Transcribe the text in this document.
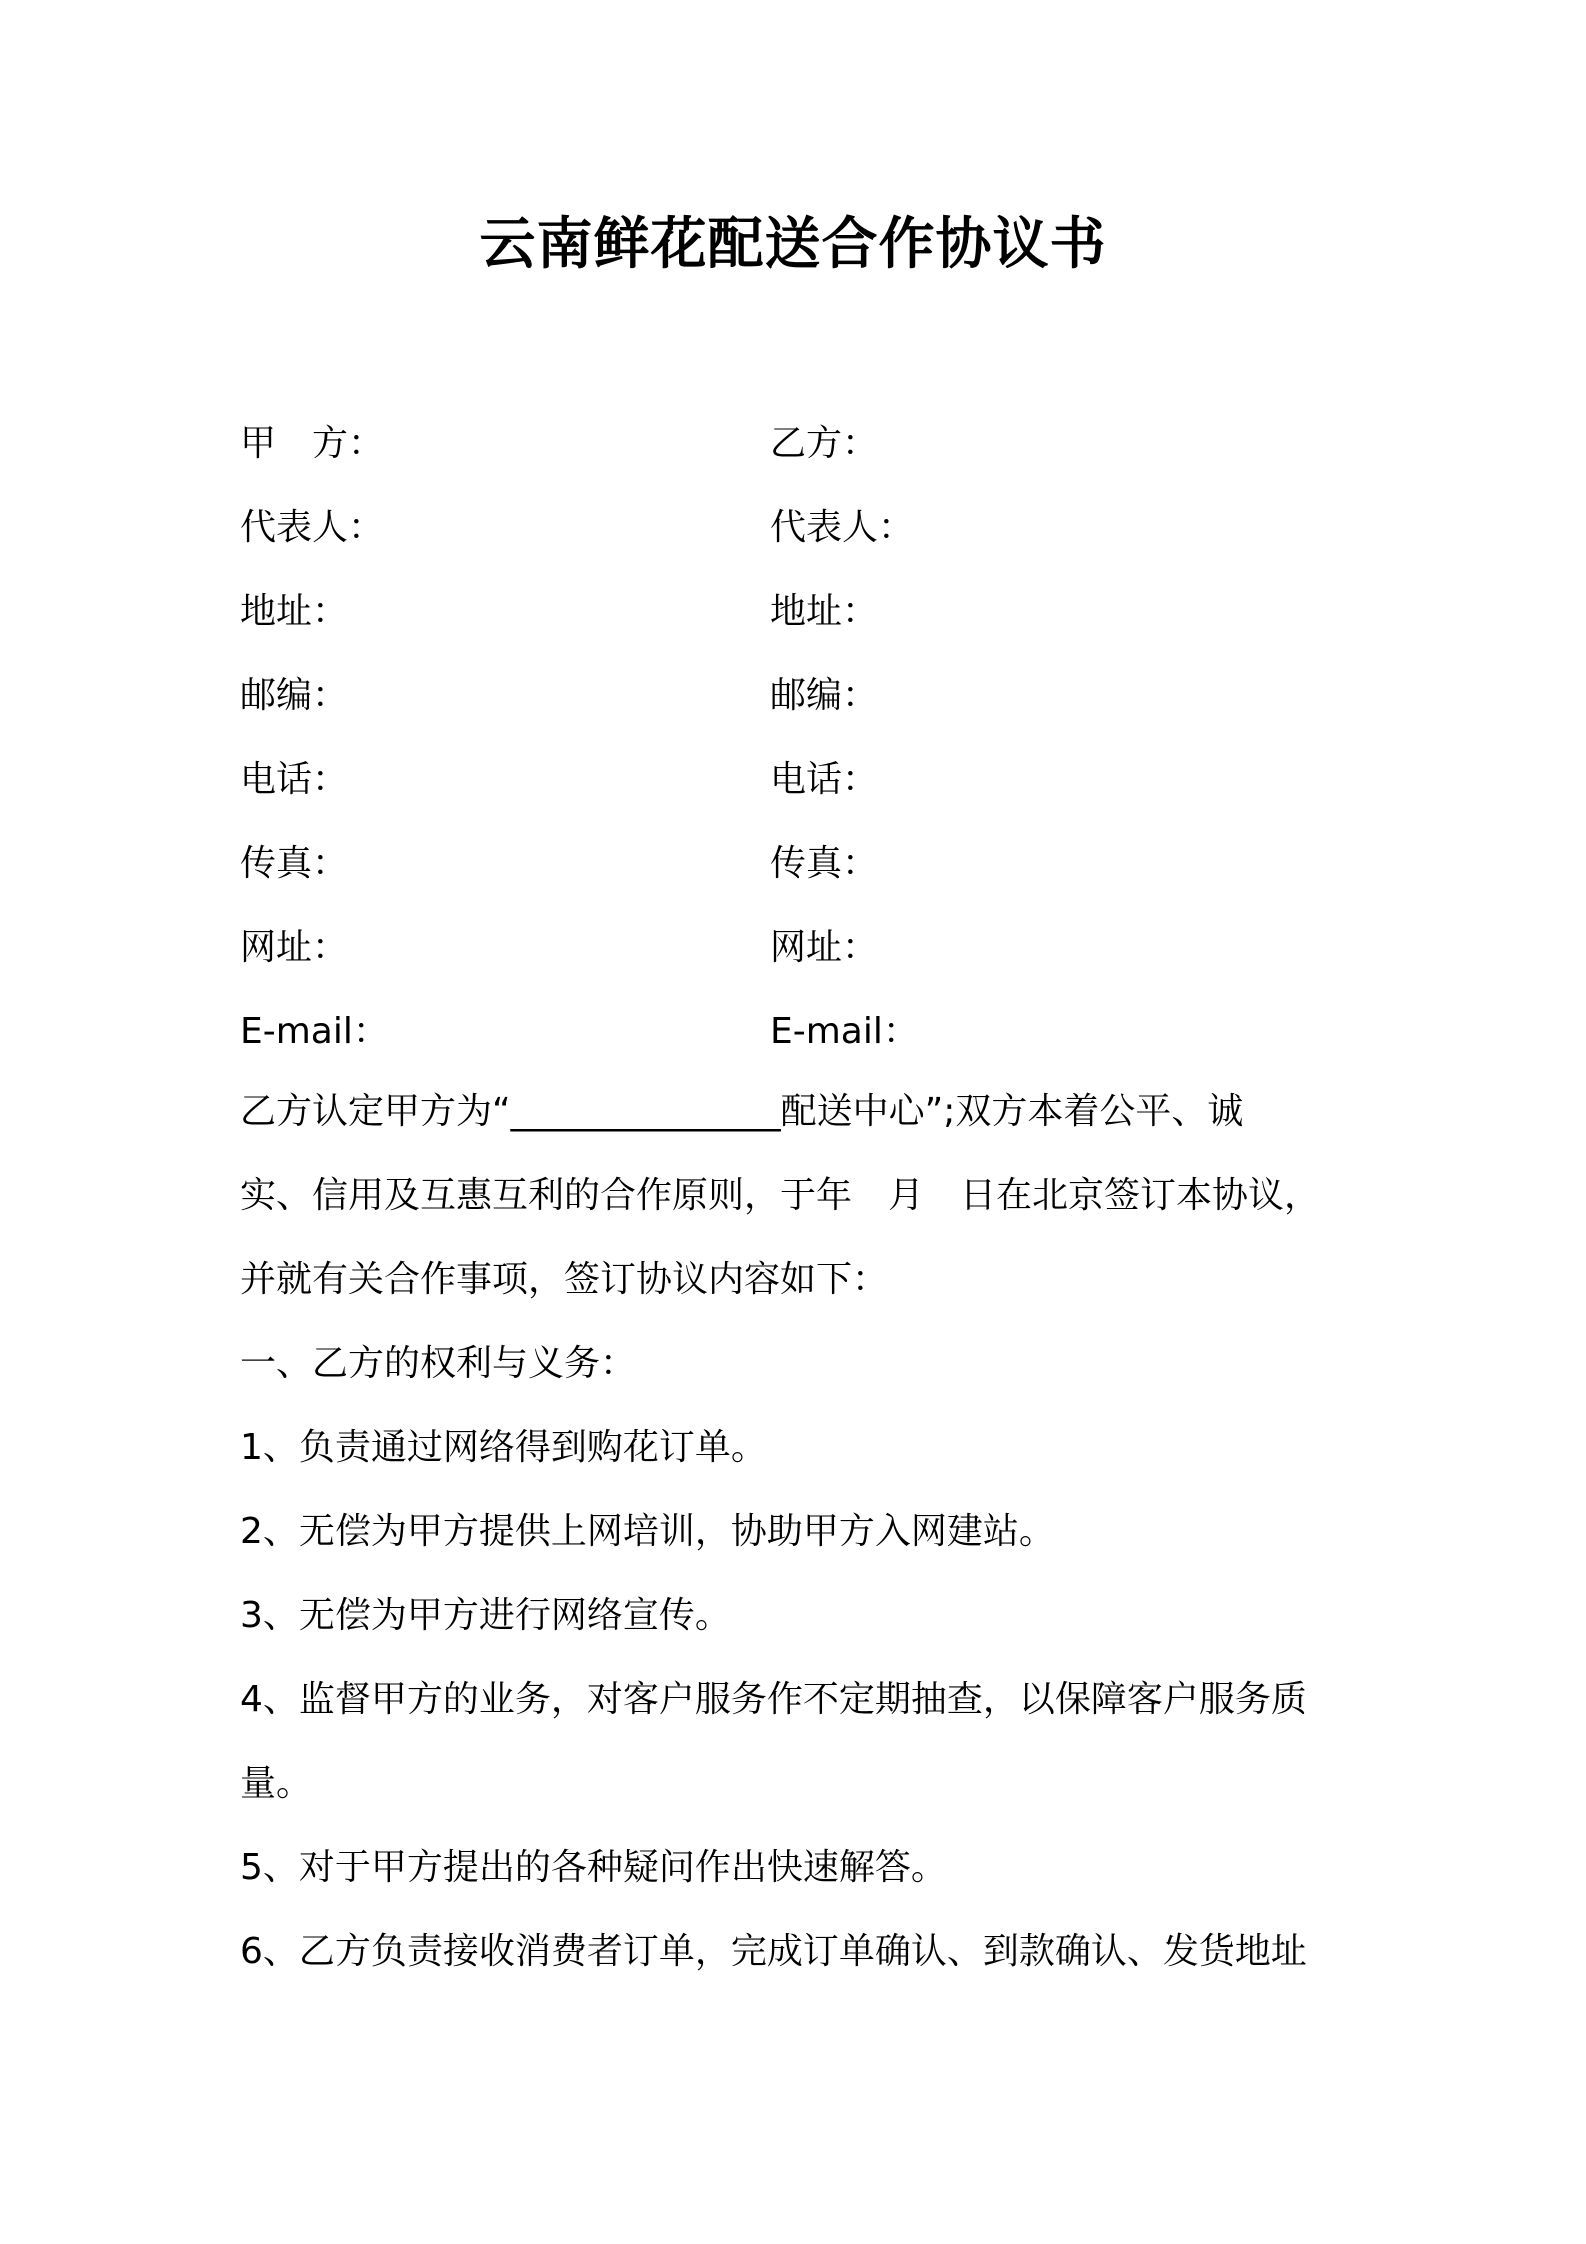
云南鲜花配送合作协议书
甲　方：	乙方：
代表人：	代表人：
地址：	地址：
邮编：	邮编：
电话：	电话：
传真：	传真：
网址：	网址：
E-mail：	E-mail：

乙方认定甲方为“_______________配送中心”;双方本着公平、诚

实、信用及互惠互利的合作原则，于年　月　日在北京签订本协议，

并就有关合作事项，签订协议内容如下：

一、乙方的权利与义务：

1、负责通过网络得到购花订单。

2、无偿为甲方提供上网培训，协助甲方入网建站。

3、无偿为甲方进行网络宣传。

4、监督甲方的业务，对客户服务作不定期抽查，以保障客户服务质

量。

5、对于甲方提出的各种疑问作出快速解答。

6、乙方负责接收消费者订单，完成订单确认、到款确认、发货地址
